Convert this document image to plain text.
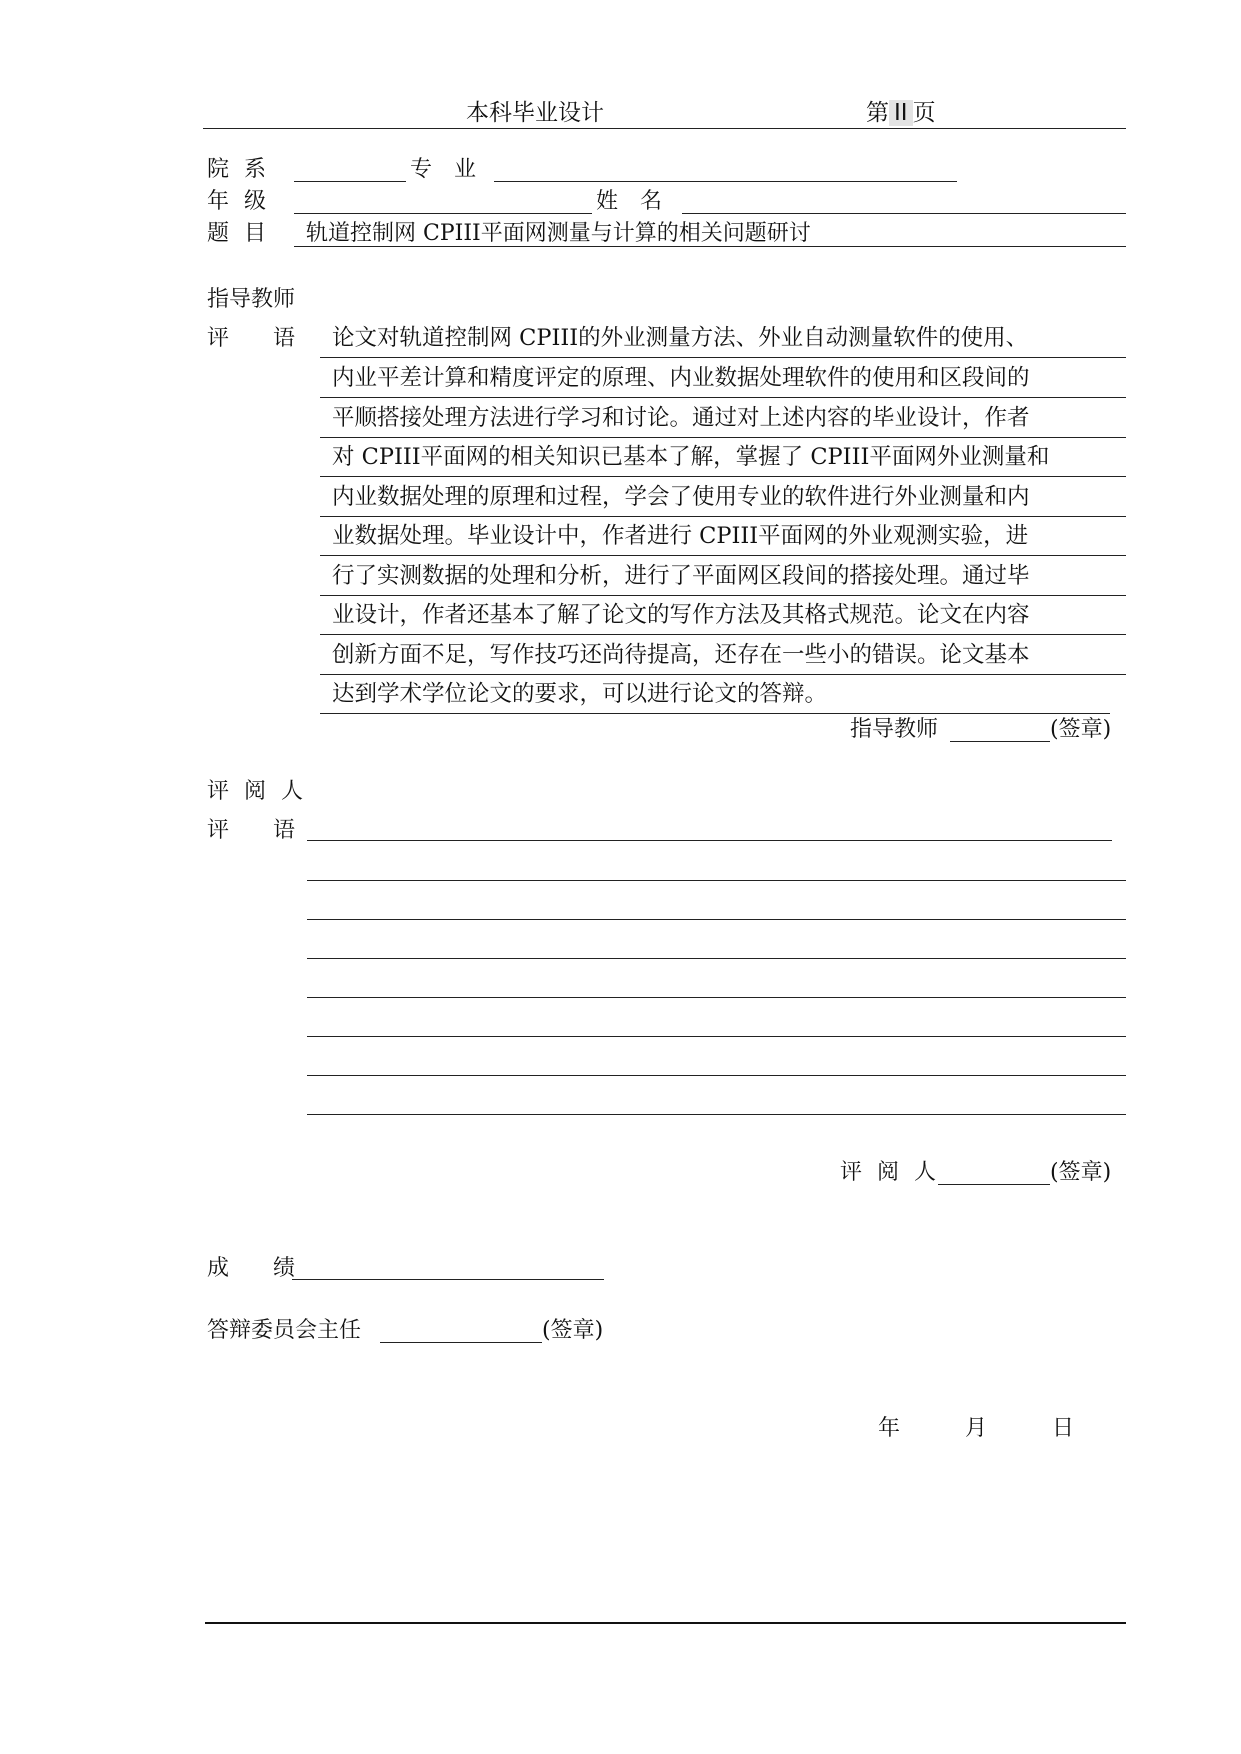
本科毕业设计	第 II 页
院 系	专　业
年 级	姓　名
题 目 轨道控制网 CPIII平面网测量与计算的相关问题研讨
指导教师
评　　语	论文对轨道控制网 CPIII的外业测量方法、外业自动测量软件的使用、
内业平差计算和精度评定的原理、内业数据处理软件的使用和区段间的
平顺搭接处理方法进行学习和讨论。通过对上述内容的毕业设计，作者
对 CPIII平面网的相关知识已基本了解，掌握了 CPIII平面网外业测量和
内业数据处理的原理和过程，学会了使用专业的软件进行外业测量和内
业数据处理。毕业设计中，作者进行 CPIII平面网的外业观测实验，进
行了实测数据的处理和分析，进行了平面网区段间的搭接处理。通过毕
业设计，作者还基本了解了论文的写作方法及其格式规范。论文在内容
创新方面不足，写作技巧还尚待提高，还存在一些小的错误。论文基本
达到学术学位论文的要求，可以进行论文的答辩。
指导教师	(签章)
评 阅 人
评　　语
评 阅 人	(签章)
成　　绩
答辩委员会主任	(签章)
年	月	日
